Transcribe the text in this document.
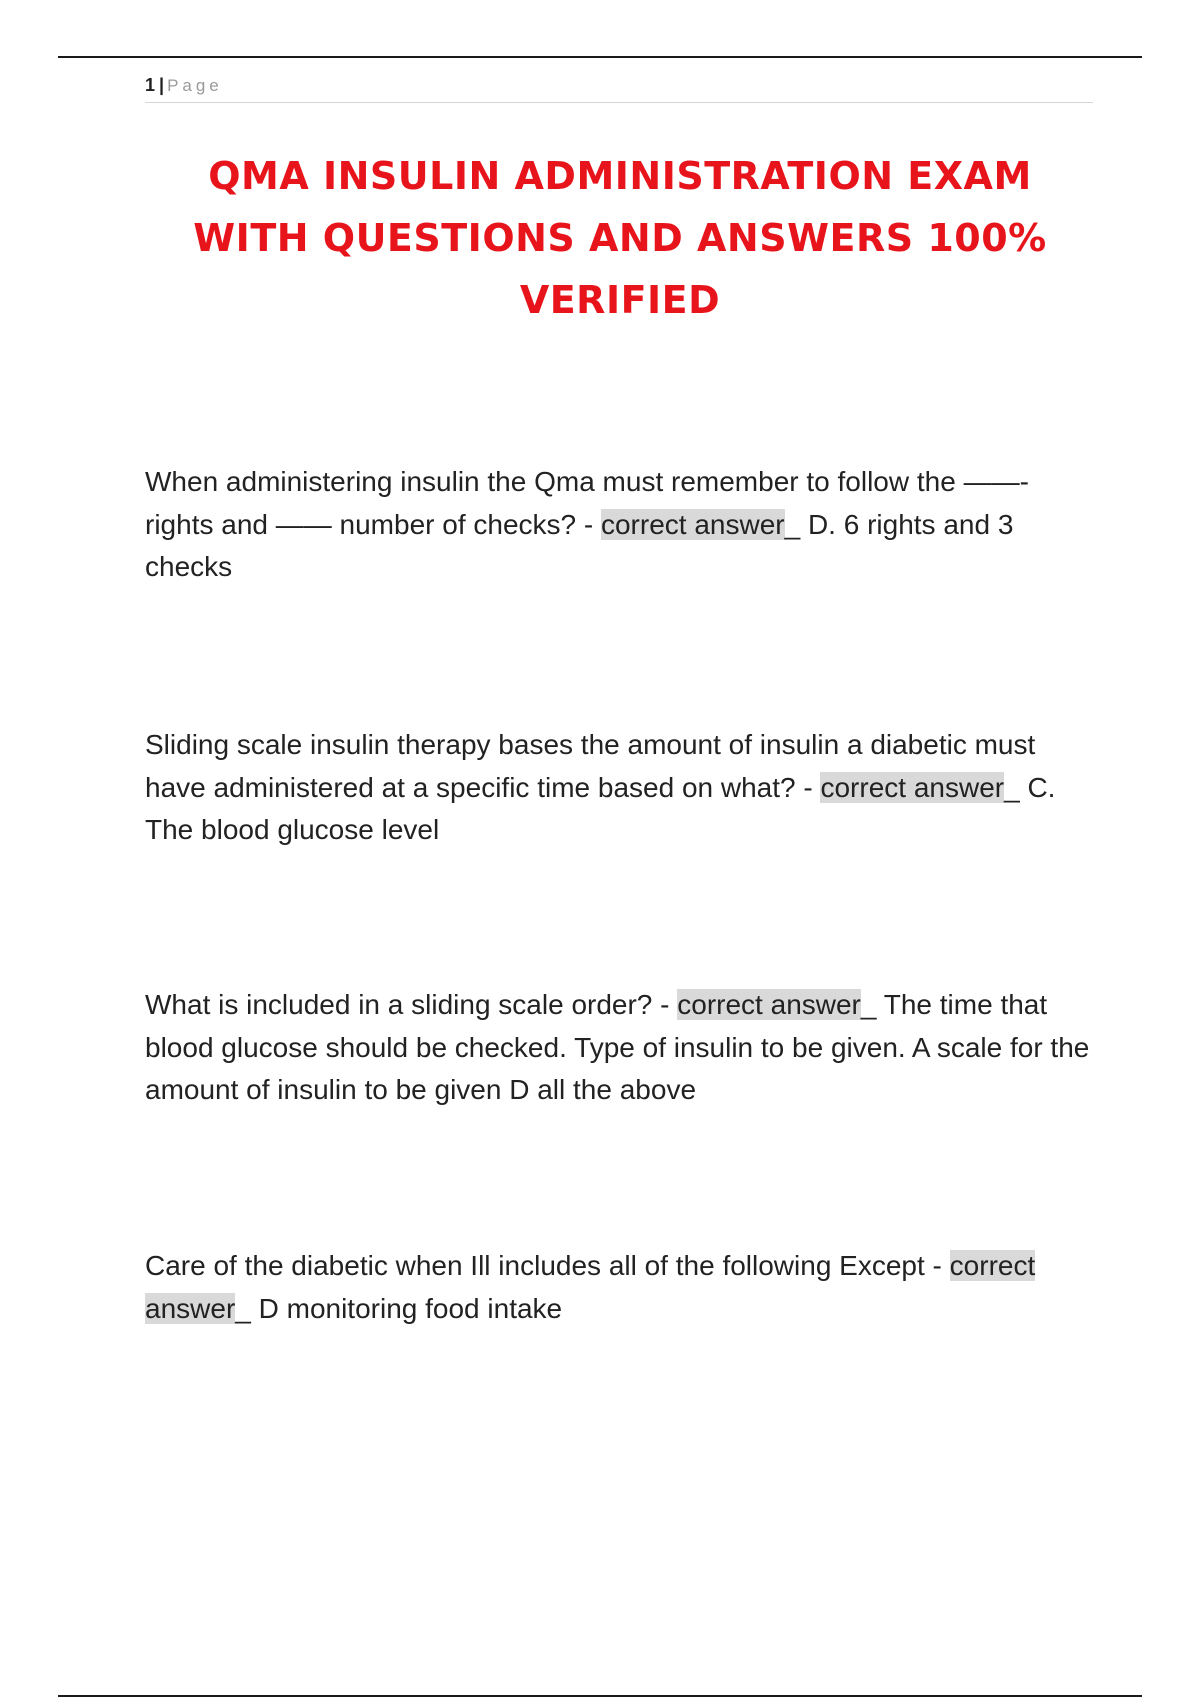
1 | Page
QMA INSULIN ADMINISTRATION EXAM
WITH QUESTIONS AND ANSWERS 100%
VERIFIED

When administering insulin the Qma must remember to follow the ——- rights and —— number of checks? - correct answer_ D. 6 rights and 3 checks

Sliding scale insulin therapy bases the amount of insulin a diabetic must have administered at a specific time based on what? - correct answer_ C. The blood glucose level

What is included in a sliding scale order? - correct answer_ The time that blood glucose should be checked. Type of insulin to be given. A scale for the amount of insulin to be given D all the above

Care of the diabetic when Ill includes all of the following Except - correct answer_ D monitoring food intake
